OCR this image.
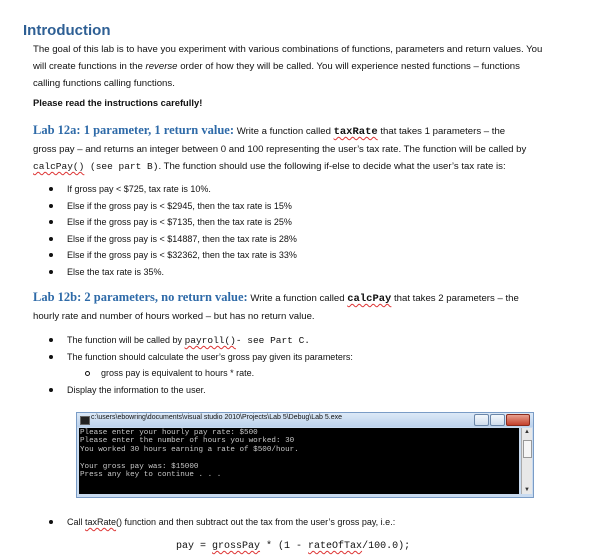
Introduction
The goal of this lab is to have you experiment with various combinations of functions, parameters and return values. You
will create functions in the reverse order of how they will be called. You will experience nested functions – functions
calling functions calling functions.
Please read the instructions carefully!
Lab 12a: 1 parameter, 1 return value: Write a function called taxRate that takes 1 parameters – the
gross pay – and returns an integer between 0 and 100 representing the user’s tax rate. The function will be called by
calcPay() (see part B). The function should use the following if-else to decide what the user’s tax rate is:
If gross pay < $725, tax rate is 10%.
Else if the gross pay is < $2945, then the tax rate is 15%
Else if the gross pay is < $7135, then the tax rate is 25%
Else if the gross pay is < $14887, then the tax rate is 28%
Else if the gross pay is < $32362, then the tax rate is 33%
Else the tax rate is 35%.
Lab 12b: 2 parameters, no return value: Write a function called calcPay that takes 2 parameters – the
hourly rate and number of hours worked – but has no return value.
The function will be called by payroll()- see Part C.
The function should calculate the user’s gross pay given its parameters:
gross pay is equivalent to hours * rate.
Display the information to the user.
c:\users\ebowring\documents\visual studio 2010\Projects\Lab 5\Debug\Lab 5.exe
Please enter your hourly pay rate: $500
Please enter the number of hours you worked: 30
You worked 30 hours earning a rate of $500/hour.
Your gross pay was: $15000
Press any key to continue . . .
▲
▼
Call taxRate() function and then subtract out the tax from the user’s gross pay, i.e.:
pay = grossPay * (1 - rateOfTax/100.0);
